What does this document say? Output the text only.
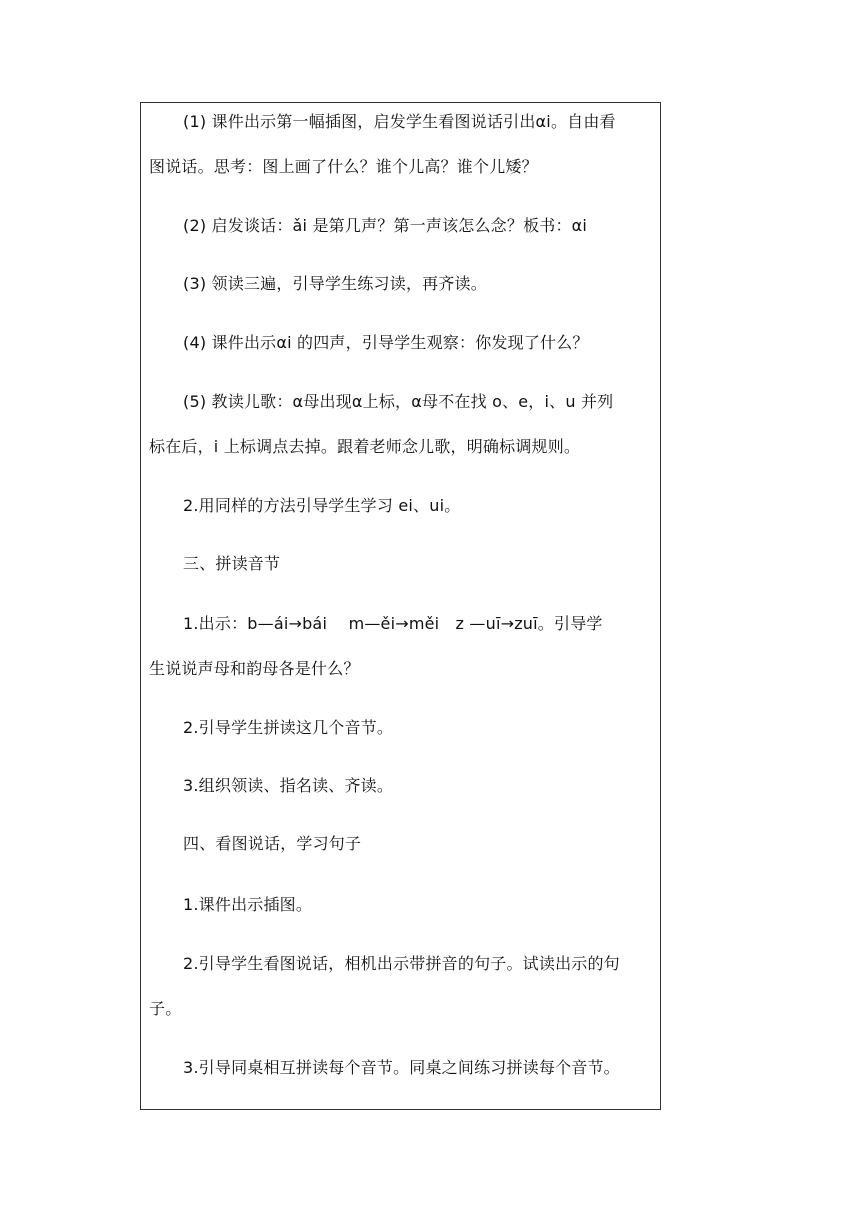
(1) 课件出示第一幅插图，启发学生看图说话引出αi。自由看
图说话。思考：图上画了什么？谁个儿高？谁个儿矮？
(2) 启发谈话：ǎi 是第几声？第一声该怎么念？板书：αi
(3) 领读三遍，引导学生练习读，再齐读。
(4) 课件出示αi 的四声，引导学生观察：你发现了什么？
(5) 教读儿歌：α母出现α上标，α母不在找 o、e，i、u 并列
标在后，i 上标调点去掉。跟着老师念儿歌，明确标调规则。
2.用同样的方法引导学生学习 ei、ui。
三、拼读音节
1.出示：b—ái→bái　 m—ěi→měi　z —uī→zuī。引导学
生说说声母和韵母各是什么？
2.引导学生拼读这几个音节。
3.组织领读、指名读、齐读。
四、看图说话，学习句子
1.课件出示插图。
2.引导学生看图说话，相机出示带拼音的句子。试读出示的句
子。
3.引导同桌相互拼读每个音节。同桌之间练习拼读每个音节。
